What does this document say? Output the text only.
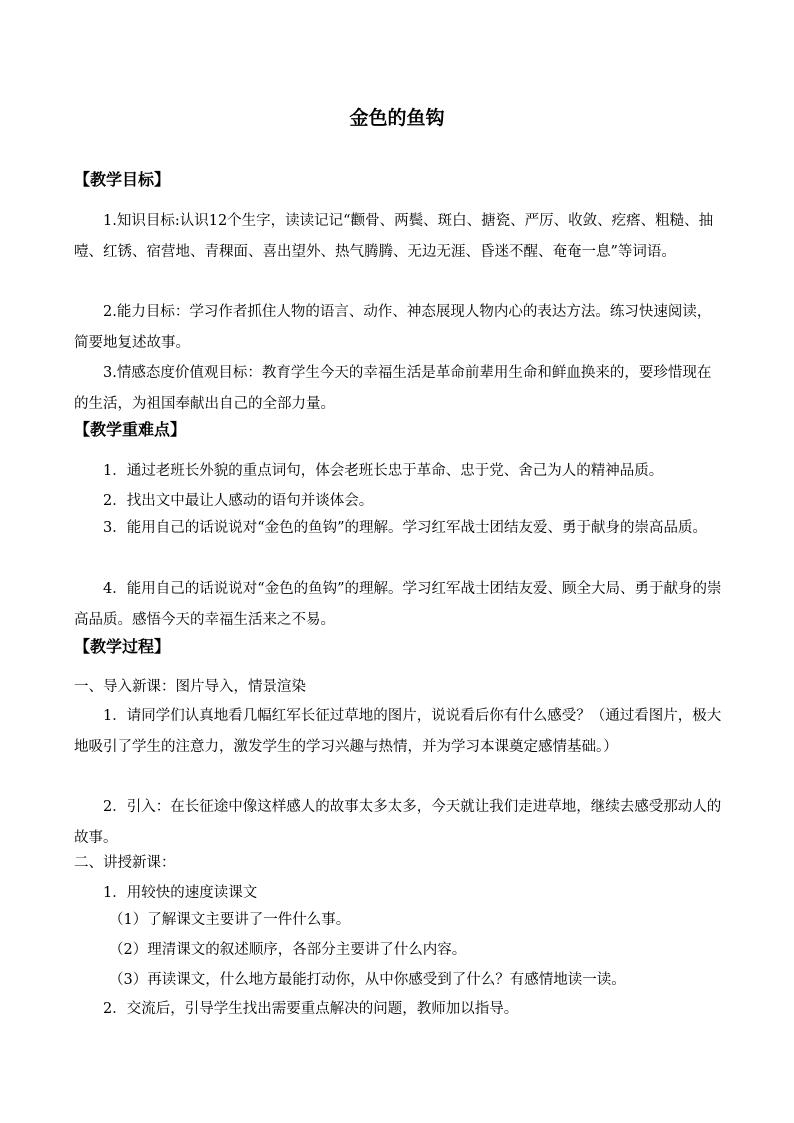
金色的鱼钩
【教学目标】

1.知识目标:认识12个生字，读读记记“颧骨、两鬓、斑白、搪瓷、严厉、收敛、疙瘩、粗糙、抽噎、红锈、宿营地、青稞面、喜出望外、热气腾腾、无边无涯、昏迷不醒、奄奄一息”等词语。

2.能力目标：学习作者抓住人物的语言、动作、神态展现人物内心的表达方法。练习快速阅读，简要地复述故事。

3.情感态度价值观目标：教育学生今天的幸福生活是革命前辈用生命和鲜血换来的，要珍惜现在的生活，为祖国奉献出自己的全部力量。

【教学重难点】

1．通过老班长外貌的重点词句，体会老班长忠于革命、忠于党、舍己为人的精神品质。

2．找出文中最让人感动的语句并谈体会。

3．能用自己的话说说对“金色的鱼钩”的理解。学习红军战士团结友爱、勇于献身的崇高品质。

4．能用自己的话说说对“金色的鱼钩”的理解。学习红军战士团结友爱、顾全大局、勇于献身的崇高品质。感悟今天的幸福生活来之不易。

【教学过程】

一、导入新课：图片导入，情景渲染

1．请同学们认真地看几幅红军长征过草地的图片，说说看后你有什么感受？（通过看图片，极大地吸引了学生的注意力，激发学生的学习兴趣与热情，并为学习本课奠定感情基础。）

2．引入：在长征途中像这样感人的故事太多太多，今天就让我们走进草地，继续去感受那动人的故事。

二、讲授新课：

1．用较快的速度读课文

（1）了解课文主要讲了一件什么事。

（2）理清课文的叙述顺序，各部分主要讲了什么内容。

（3）再读课文，什么地方最能打动你，从中你感受到了什么？有感情地读一读。

2．交流后，引导学生找出需要重点解决的问题，教师加以指导。
